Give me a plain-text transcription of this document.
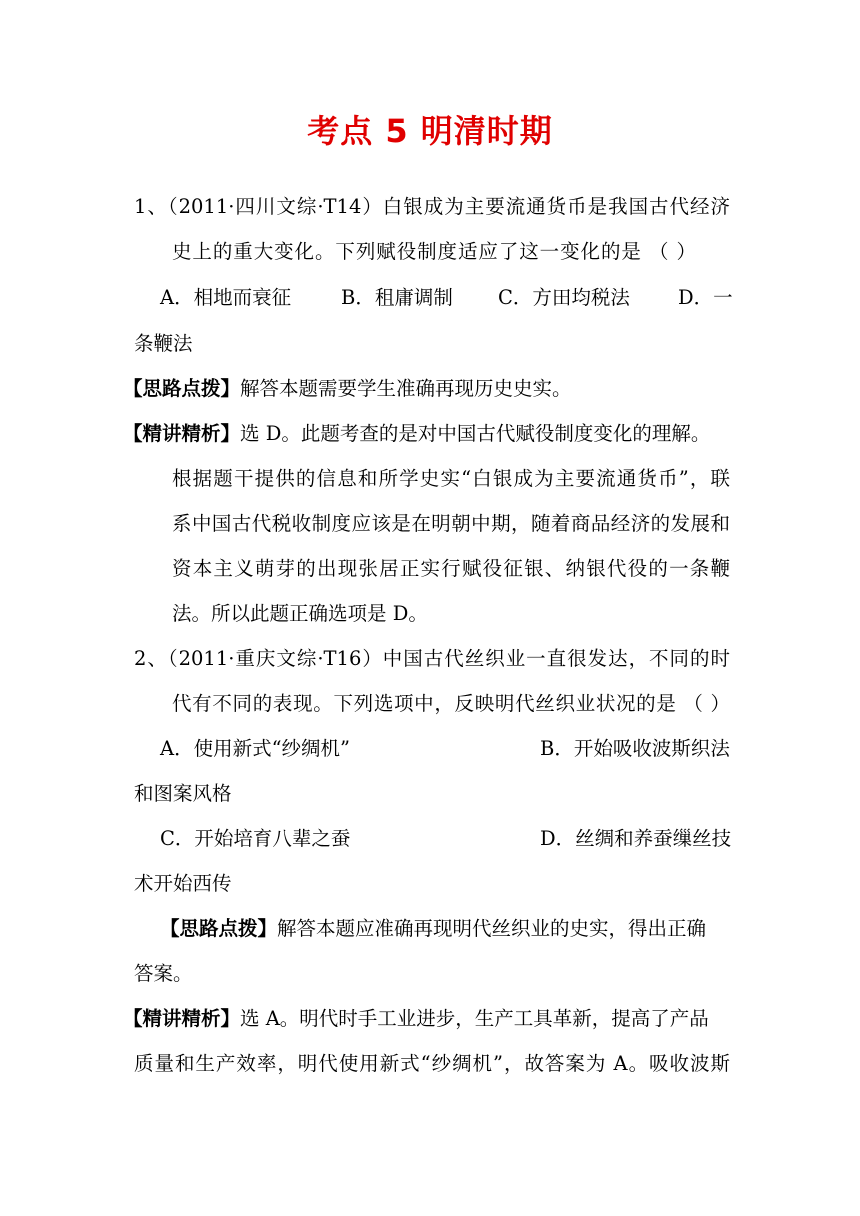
考点 5 明清时期
1、（2011·四川文综·T14）白银成为主要流通货币是我国古代经济
史上的重大变化。下列赋役制度适应了这一变化的是 （ ）
A．相地而衰征	B．租庸调制 C．方田均税法 D．一
条鞭法
【思路点拨】解答本题需要学生准确再现历史史实。
【精讲精析】选 D。此题考查的是对中国古代赋役制度变化的理解。
根据题干提供的信息和所学史实“白银成为主要流通货币”，联
系中国古代税收制度应该是在明朝中期，随着商品经济的发展和
资本主义萌芽的出现张居正实行赋役征银、纳银代役的一条鞭
法。所以此题正确选项是 D。
2、（2011·重庆文综·T16）中国古代丝织业一直很发达，不同的时
代有不同的表现。下列选项中，反映明代丝织业状况的是 （ ）
A．使用新式“纱绸机”	B．开始吸收波斯织法
和图案风格
C．开始培育八辈之蚕	D．丝绸和养蚕缫丝技
术开始西传
【思路点拨】解答本题应准确再现明代丝织业的史实，得出正确
答案。
【精讲精析】选 A。明代时手工业进步，生产工具革新，提高了产品
质量和生产效率，明代使用新式“纱绸机”，故答案为 A。吸收波斯
